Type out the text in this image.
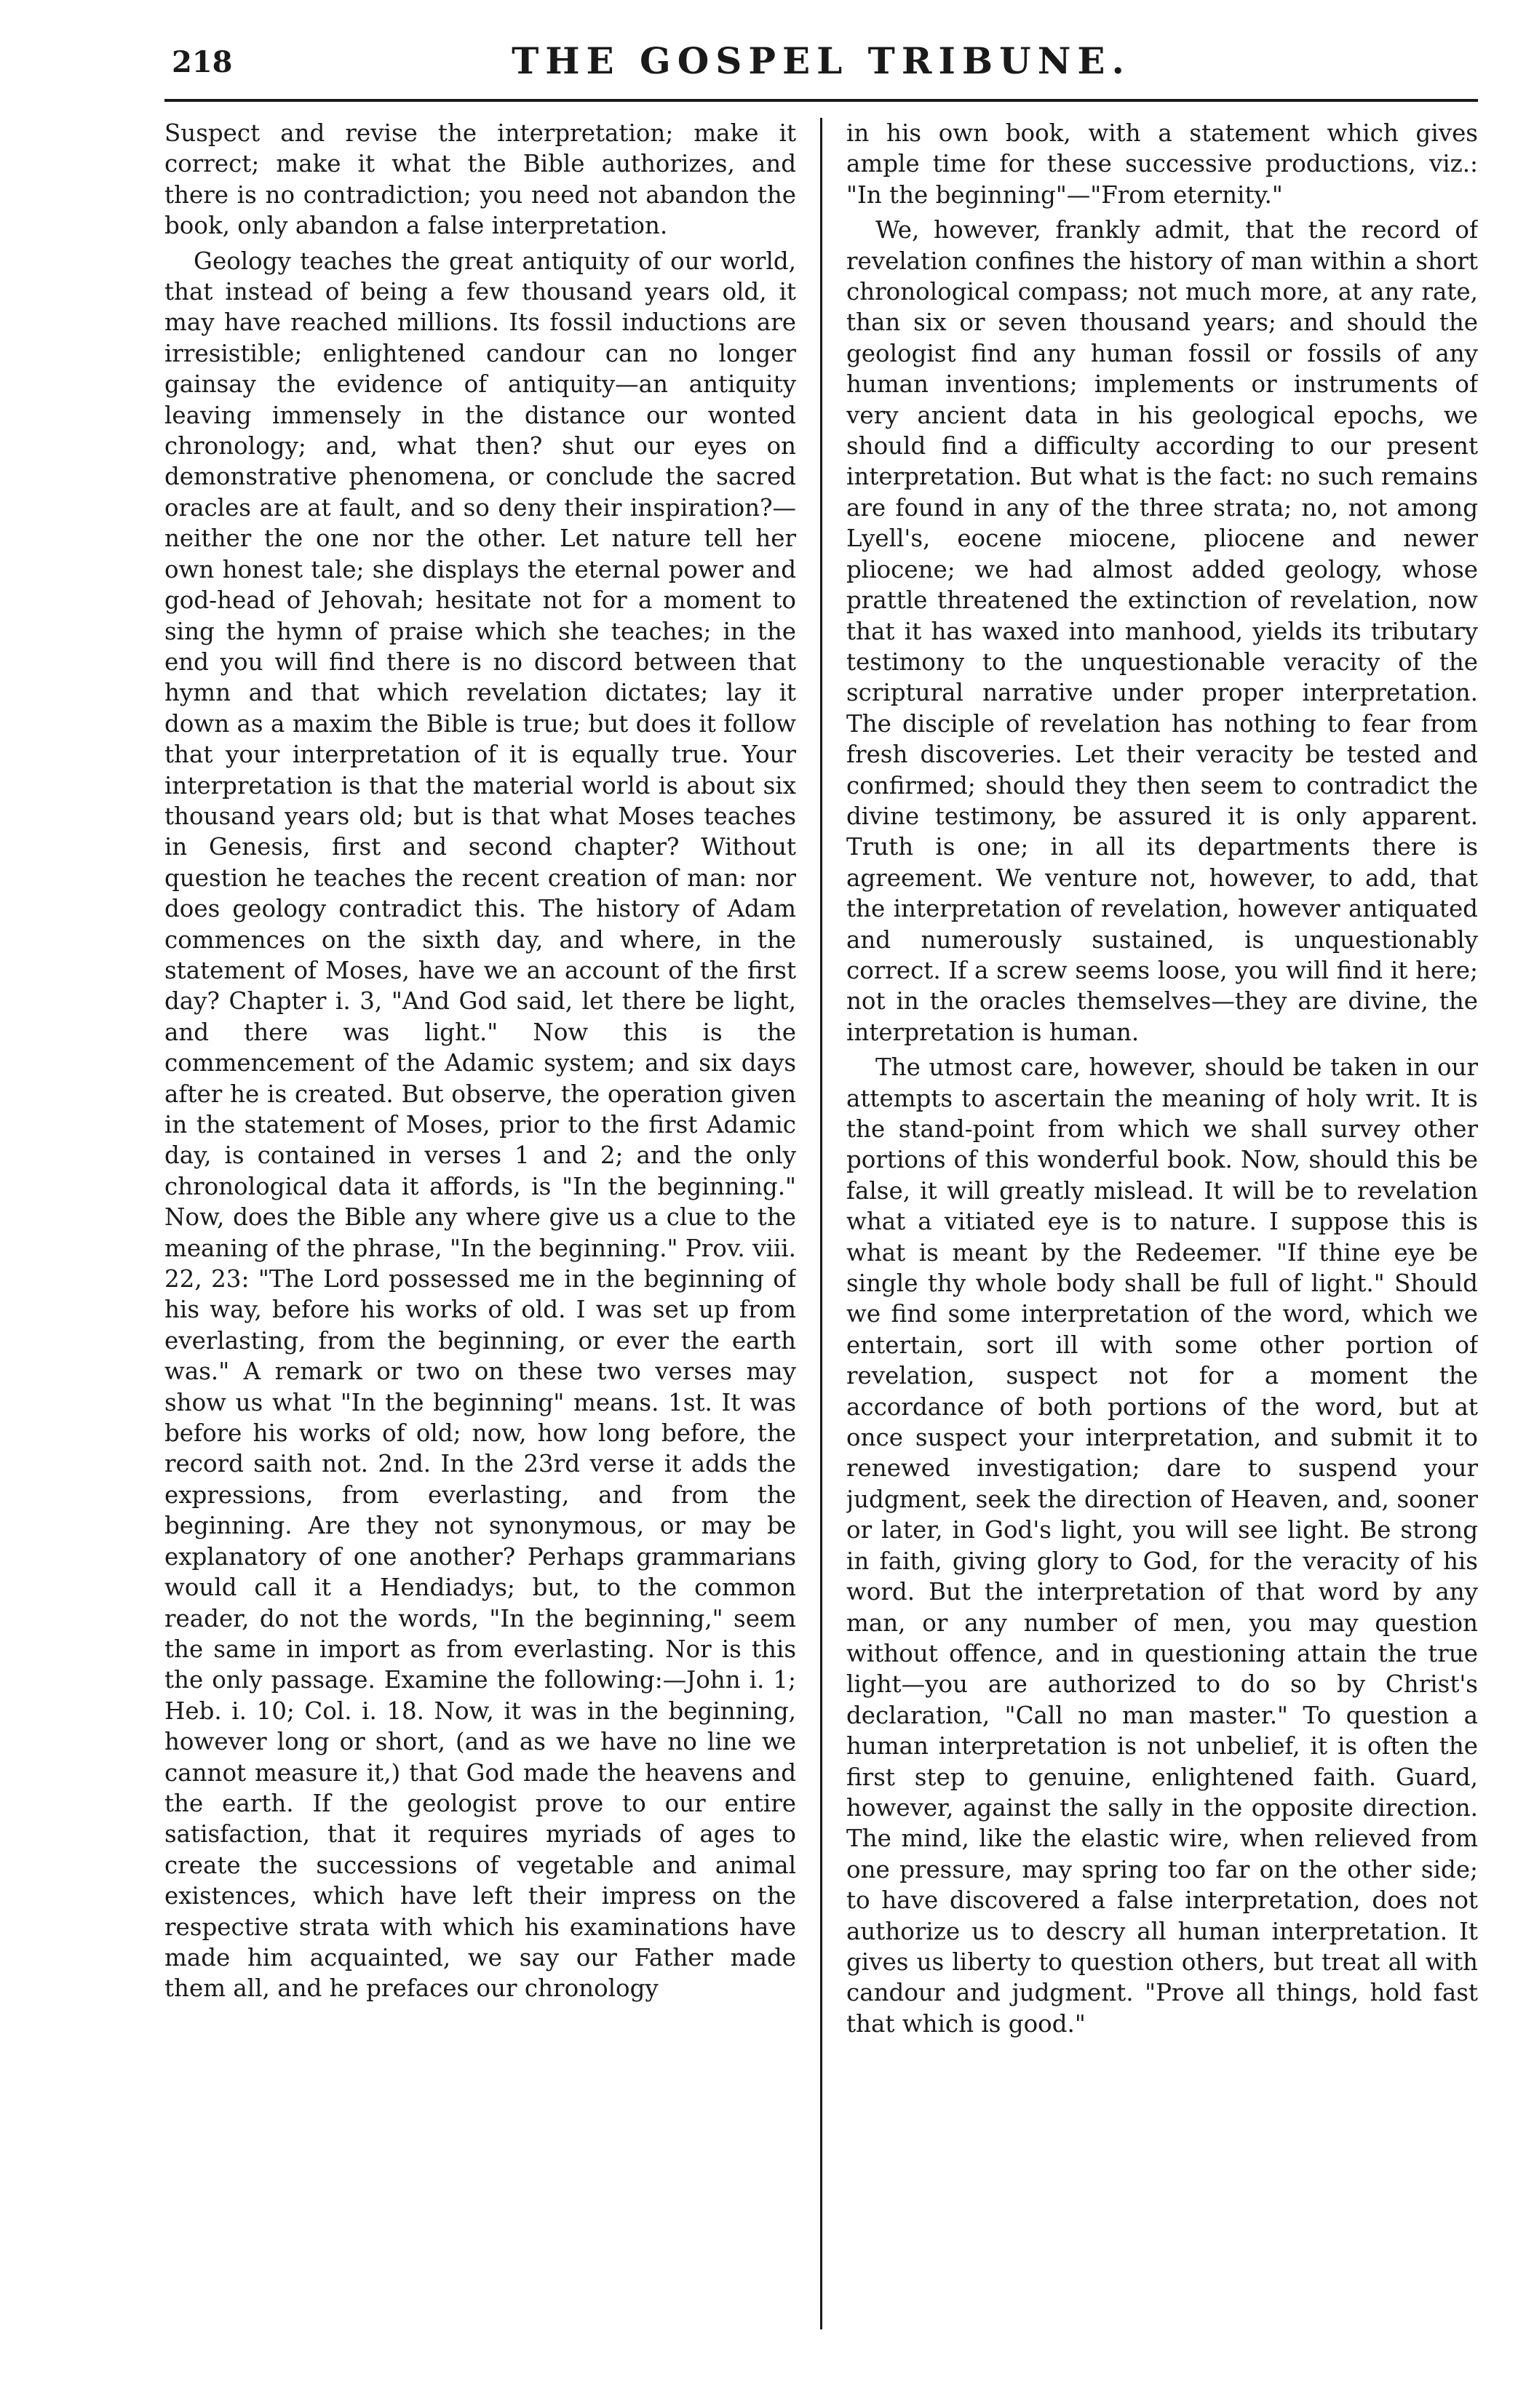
218	THE GOSPEL TRIBUNE.

Suspect and revise the interpretation; make it correct; make it what the Bible authorizes, and there is no contradiction; you need not abandon the book, only abandon a false interpretation.

Geology teaches the great antiquity of our world, that instead of being a few thousand years old, it may have reached millions. Its fossil inductions are irresistible; enlightened candour can no longer gainsay the evidence of antiquity—an antiquity leaving immensely in the distance our wonted chronology; and, what then? shut our eyes on demonstrative phenomena, or conclude the sacred oracles are at fault, and so deny their inspiration?—neither the one nor the other. Let nature tell her own honest tale; she displays the eternal power and god-head of Jehovah; hesitate not for a moment to sing the hymn of praise which she teaches; in the end you will find there is no discord between that hymn and that which revelation dictates; lay it down as a maxim the Bible is true; but does it follow that your interpretation of it is equally true. Your interpretation is that the material world is about six thousand years old; but is that what Moses teaches in Genesis, first and second chapter? Without question he teaches the recent creation of man: nor does geology contradict this. The history of Adam commences on the sixth day, and where, in the statement of Moses, have we an account of the first day? Chapter i. 3, "And God said, let there be light, and there was light." Now this is the commencement of the Adamic system; and six days after he is created. But observe, the operation given in the statement of Moses, prior to the first Adamic day, is contained in verses 1 and 2; and the only chronological data it affords, is "In the beginning." Now, does the Bible any where give us a clue to the meaning of the phrase, "In the beginning." Prov. viii. 22, 23: "The Lord possessed me in the beginning of his way, before his works of old. I was set up from everlasting, from the beginning, or ever the earth was." A remark or two on these two verses may show us what "In the beginning" means. 1st. It was before his works of old; now, how long before, the record saith not. 2nd. In the 23rd verse it adds the expressions, from everlasting, and from the beginning. Are they not synonymous, or may be explanatory of one another? Perhaps grammarians would call it a Hendiadys; but, to the common reader, do not the words, "In the beginning," seem the same in import as from everlasting. Nor is this the only passage. Examine the following:—John i. 1; Heb. i. 10; Col. i. 18. Now, it was in the beginning, however long or short, (and as we have no line we cannot measure it,) that God made the heavens and the earth. If the geologist prove to our entire satisfaction, that it requires myriads of ages to create the successions of vegetable and animal existences, which have left their impress on the respective strata with which his examinations have made him acquainted, we say our Father made them all, and he prefaces our chronology

in his own book, with a statement which gives ample time for these successive productions, viz.: "In the beginning"—"From eternity."

We, however, frankly admit, that the record of revelation confines the history of man within a short chronological compass; not much more, at any rate, than six or seven thousand years; and should the geologist find any human fossil or fossils of any human inventions; implements or instruments of very ancient data in his geological epochs, we should find a difficulty according to our present interpretation. But what is the fact: no such remains are found in any of the three strata; no, not among Lyell's, eocene miocene, pliocene and newer pliocene; we had almost added geology, whose prattle threatened the extinction of revelation, now that it has waxed into manhood, yields its tributary testimony to the unquestionable veracity of the scriptural narrative under proper interpretation. The disciple of revelation has nothing to fear from fresh discoveries. Let their veracity be tested and confirmed; should they then seem to contradict the divine testimony, be assured it is only apparent. Truth is one; in all its departments there is agreement. We venture not, however, to add, that the interpretation of revelation, however antiquated and numerously sustained, is unquestionably correct. If a screw seems loose, you will find it here; not in the oracles themselves—they are divine, the interpretation is human.

The utmost care, however, should be taken in our attempts to ascertain the meaning of holy writ. It is the stand-point from which we shall survey other portions of this wonderful book. Now, should this be false, it will greatly mislead. It will be to revelation what a vitiated eye is to nature. I suppose this is what is meant by the Redeemer. "If thine eye be single thy whole body shall be full of light." Should we find some interpretation of the word, which we entertain, sort ill with some other portion of revelation, suspect not for a moment the accordance of both portions of the word, but at once suspect your interpretation, and submit it to renewed investigation; dare to suspend your judgment, seek the direction of Heaven, and, sooner or later, in God's light, you will see light. Be strong in faith, giving glory to God, for the veracity of his word. But the interpretation of that word by any man, or any number of men, you may question without offence, and in questioning attain the true light—you are authorized to do so by Christ's declaration, "Call no man master." To question a human interpretation is not unbelief, it is often the first step to genuine, enlightened faith. Guard, however, against the sally in the opposite direction. The mind, like the elastic wire, when relieved from one pressure, may spring too far on the other side; to have discovered a false interpretation, does not authorize us to descry all human interpretation. It gives us liberty to question others, but treat all with candour and judgment. "Prove all things, hold fast that which is good."
